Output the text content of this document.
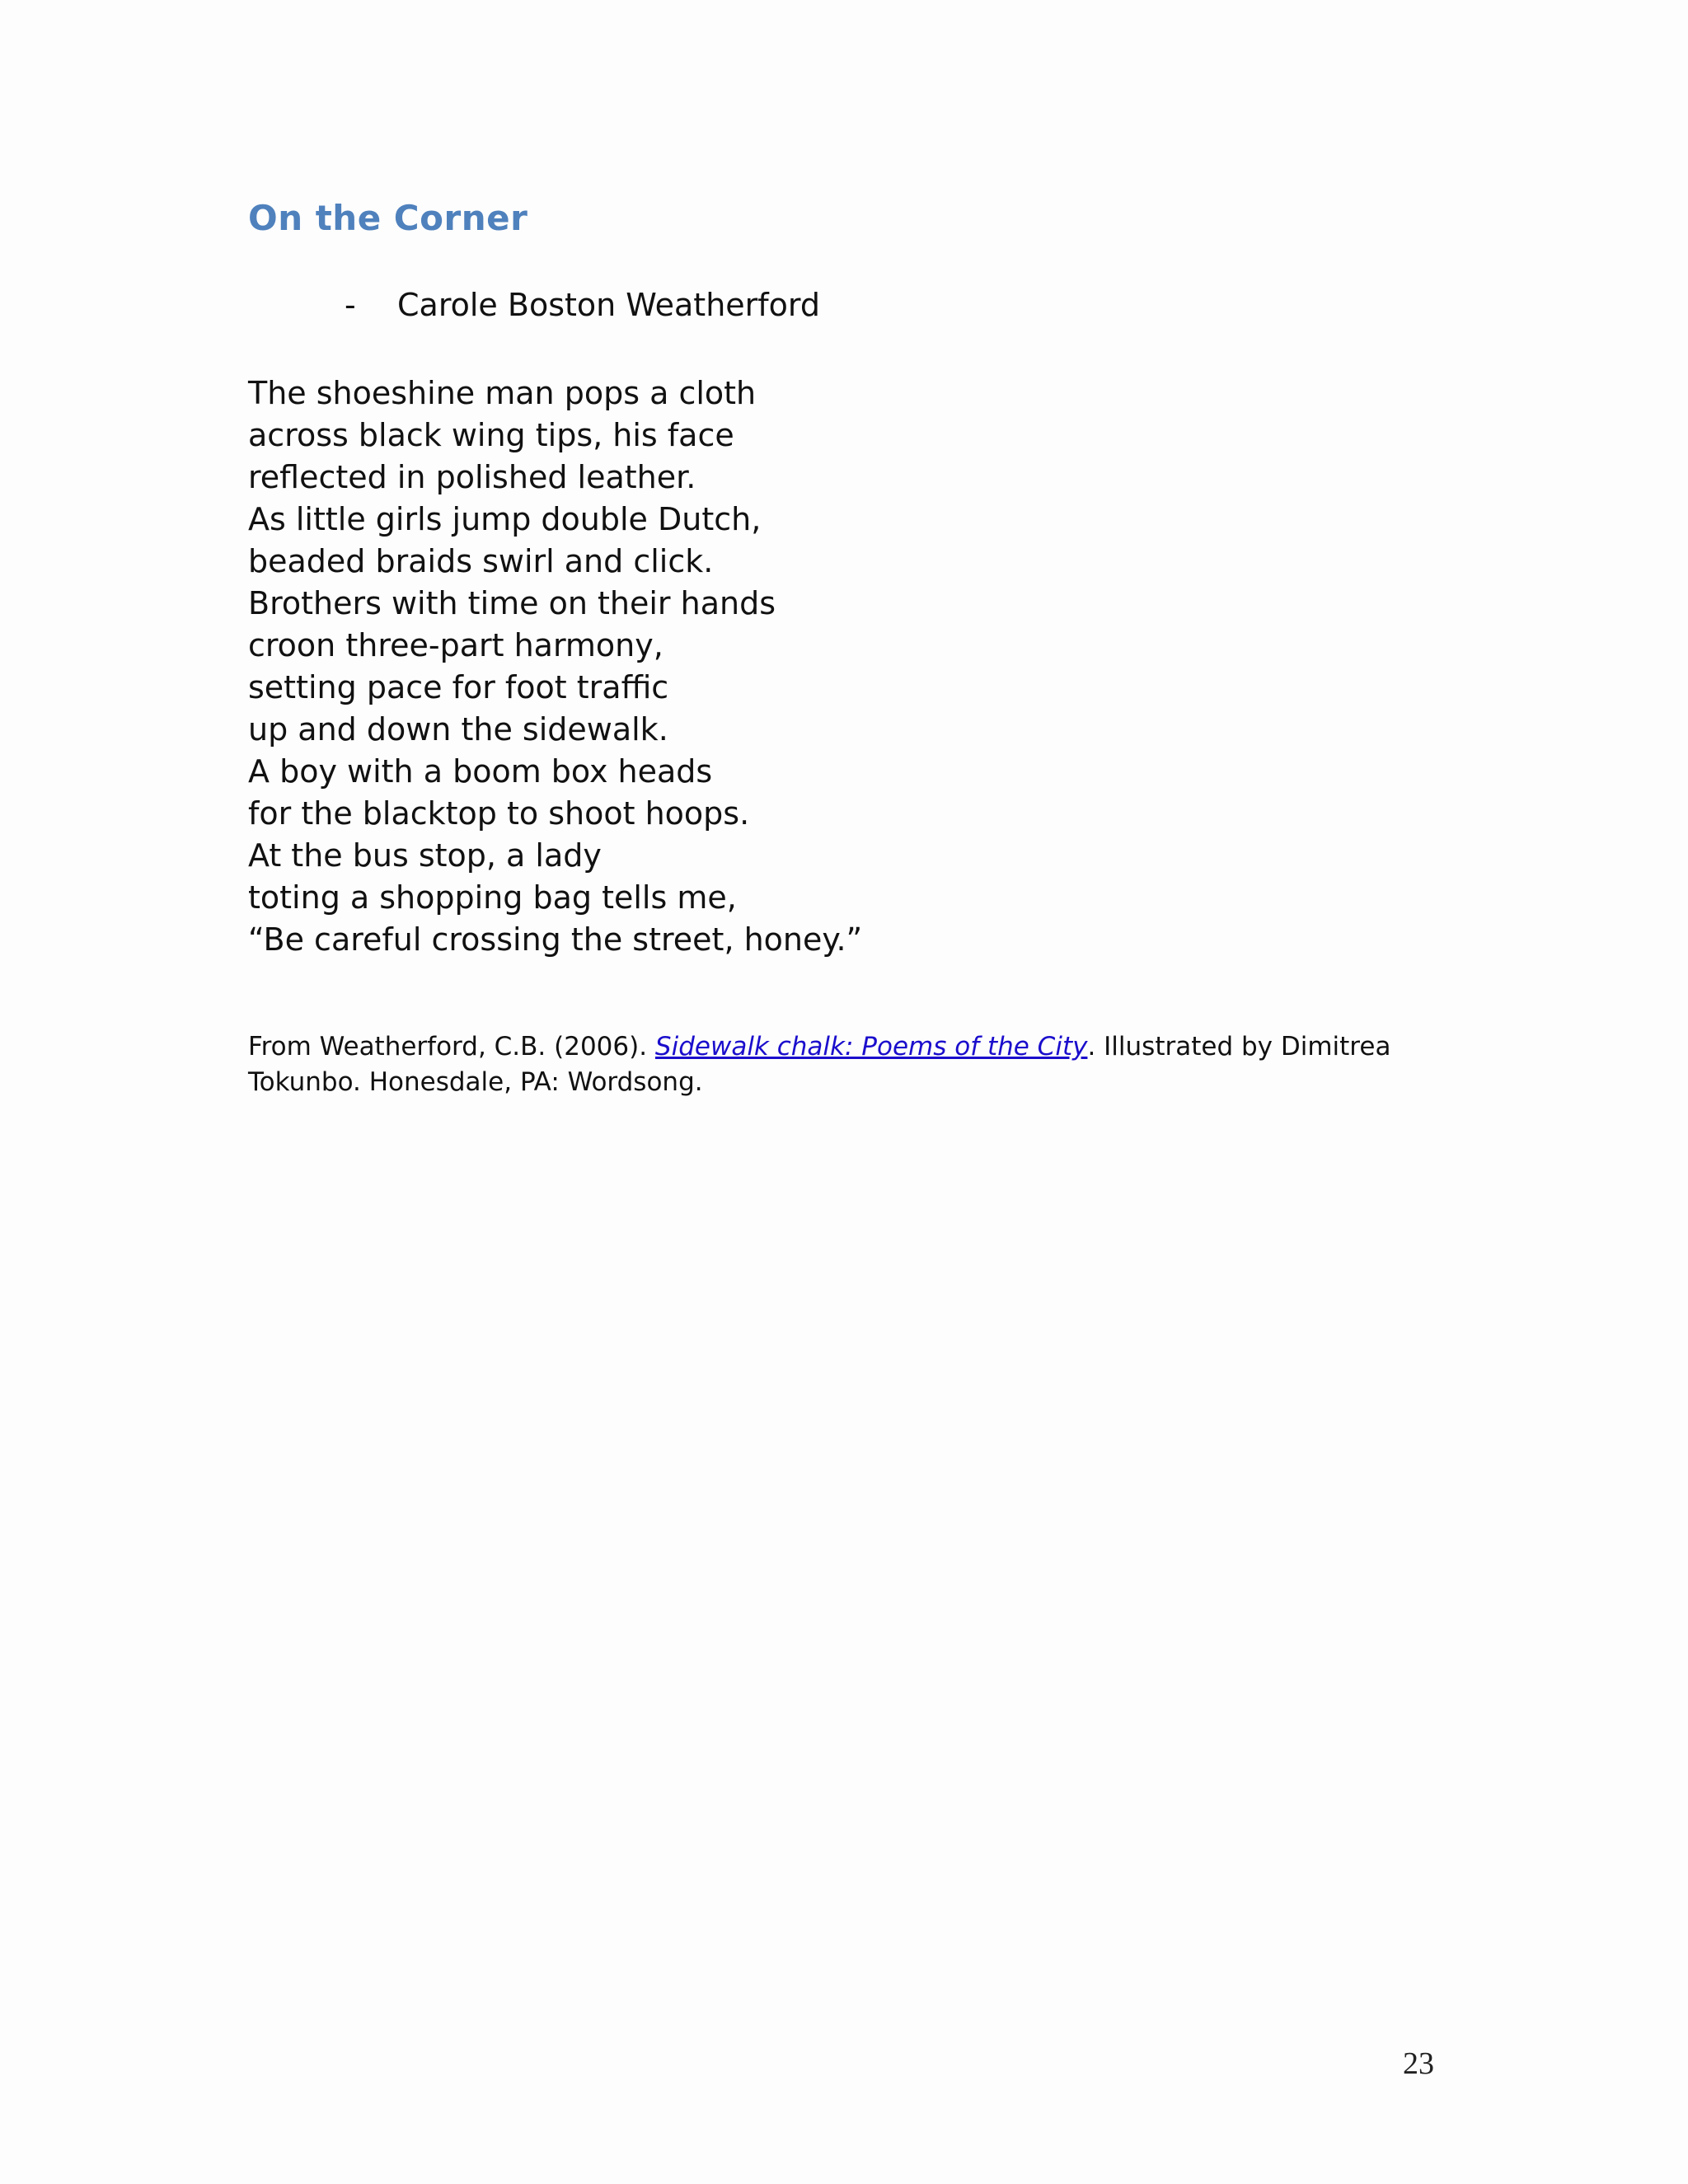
On the Corner
- Carole Boston Weatherford
The shoeshine man pops a cloth
across black wing tips, his face
reflected in polished leather.
As little girls jump double Dutch,
beaded braids swirl and click.
Brothers with time on their hands
croon three-part harmony,
setting pace for foot traffic
up and down the sidewalk.
A boy with a boom box heads
for the blacktop to shoot hoops.
At the bus stop, a lady
toting a shopping bag tells me,
“Be careful crossing the street, honey.”

From Weatherford, C.B. (2006). Sidewalk chalk: Poems of the City. Illustrated by Dimitrea Tokunbo. Honesdale, PA: Wordsong.

23
